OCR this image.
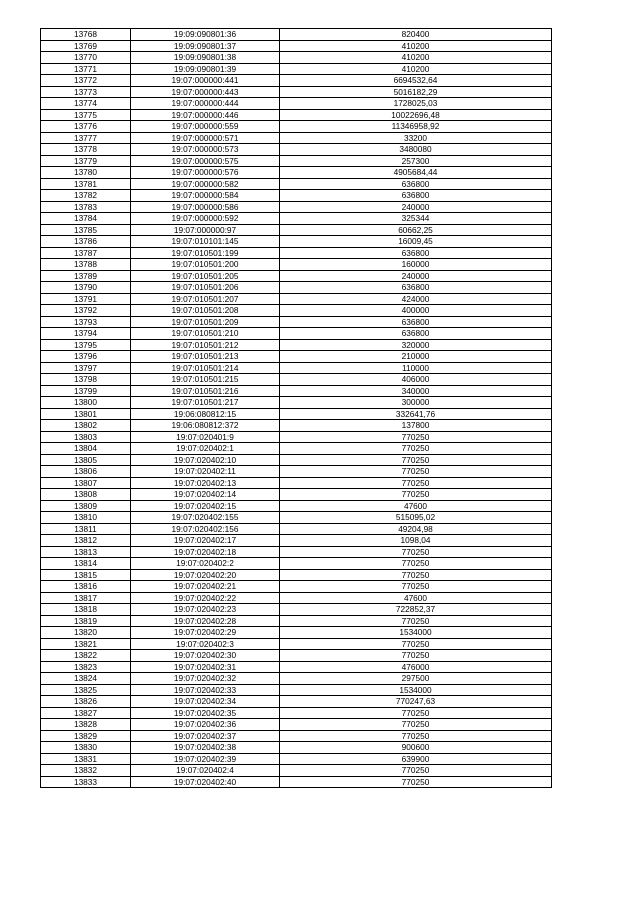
13768	19:09:090801:36	820400
13769	19:09:090801:37	410200
13770	19:09:090801:38	410200
13771	19:09:090801:39	410200
13772	19:07:000000:441	6694532,64
13773	19:07:000000:443	5016182,29
13774	19:07:000000:444	1728025,03
13775	19:07:000000:446	10022696,48
13776	19:07:000000:559	11346958,92
13777	19:07:000000:571	33200
13778	19:07:000000:573	3480080
13779	19:07:000000:575	257300
13780	19:07:000000:576	4905684,44
13781	19:07:000000:582	636800
13782	19:07:000000:584	636800
13783	19:07:000000:586	240000
13784	19:07:000000:592	325344
13785	19:07:000000:97	60662,25
13786	19:07:010101:145	16009,45
13787	19:07:010501:199	636800
13788	19:07:010501:200	160000
13789	19:07:010501:205	240000
13790	19:07:010501:206	636800
13791	19:07:010501:207	424000
13792	19:07:010501:208	400000
13793	19:07:010501:209	636800
13794	19:07:010501:210	636800
13795	19:07:010501:212	320000
13796	19:07:010501:213	210000
13797	19:07:010501:214	110000
13798	19:07:010501:215	406000
13799	19:07:010501:216	340000
13800	19:07:010501:217	300000
13801	19:06:080812:15	332641,76
13802	19:06:080812:372	137800
13803	19:07:020401:9	770250
13804	19:07:020402:1	770250
13805	19:07:020402:10	770250
13806	19:07:020402:11	770250
13807	19:07:020402:13	770250
13808	19:07:020402:14	770250
13809	19:07:020402:15	47600
13810	19:07:020402:155	515095,02
13811	19:07:020402:156	49204,98
13812	19:07:020402:17	1098,04
13813	19:07:020402:18	770250
13814	19:07:020402:2	770250
13815	19:07:020402:20	770250
13816	19:07:020402:21	770250
13817	19:07:020402:22	47600
13818	19:07:020402:23	722852,37
13819	19:07:020402:28	770250
13820	19:07:020402:29	1534000
13821	19:07:020402:3	770250
13822	19:07:020402:30	770250
13823	19:07:020402:31	476000
13824	19:07:020402:32	297500
13825	19:07:020402:33	1534000
13826	19:07:020402:34	770247,63
13827	19:07:020402:35	770250
13828	19:07:020402:36	770250
13829	19:07:020402:37	770250
13830	19:07:020402:38	900600
13831	19:07:020402:39	639900
13832	19:07:020402:4	770250
13833	19:07:020402:40	770250
